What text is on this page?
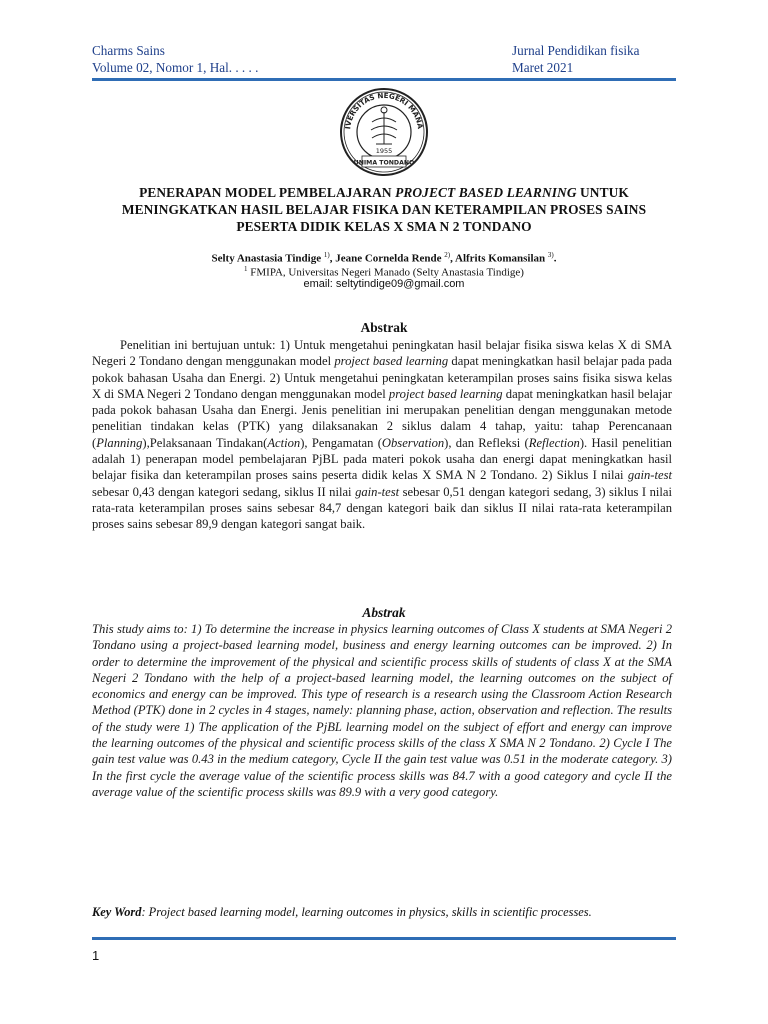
Charms Sains
Volume 02, Nomor 1, Hal. . . . .
Jurnal Pendidikan fisika
Maret 2021
IVERSITAS NEGERI MANA
1955
UNIMA TONDANO
PENERAPAN MODEL PEMBELAJARAN PROJECT BASED LEARNING UNTUK MENINGKATKAN HASIL BELAJAR FISIKA DAN KETERAMPILAN PROSES SAINS PESERTA DIDIK KELAS X SMA N 2 TONDANO
Selty Anastasia Tindige $^{1)}$, Jeane Cornelda Rende $^{2)}$, Alfrits Komansilan $^{3)}$.
$^1$ FMIPA, Universitas Negeri Manado (Selty Anastasia Tindige)
email: seltytindige09@gmail.com
Abstrak

Penelitian ini bertujuan untuk: 1) Untuk mengetahui peningkatan hasil belajar fisika siswa kelas X di SMA Negeri 2 Tondano dengan menggunakan model project based learning dapat meningkatkan hasil belajar pada pada pokok bahasan Usaha dan Energi. 2) Untuk mengetahui peningkatan keterampilan proses sains fisika siswa kelas X di SMA Negeri 2 Tondano dengan menggunakan model project based learning dapat meningkatkan hasil belajar pada pokok bahasan Usaha dan Energi. Jenis penelitian ini merupakan penelitian dengan menggunakan metode penelitian tindakan kelas (PTK) yang dilaksanakan 2 siklus dalam 4 tahap, yaitu: tahap Perencanaan (Planning),Pelaksanaan Tindakan(Action), Pengamatan (Observation), dan Refleksi (Reflection). Hasil penelitian adalah 1) penerapan model pembelajaran PjBL pada materi pokok usaha dan energi dapat meningkatkan hasil belajar fisika dan keterampilan proses sains peserta didik kelas X SMA N 2 Tondano. 2) Siklus I nilai gain-test sebesar 0,43 dengan kategori sedang, siklus II nilai gain-test sebesar 0,51 dengan kategori sedang, 3) siklus I nilai rata-rata keterampilan proses sains sebesar 84,7 dengan kategori baik dan siklus II nilai rata-rata keterampilan proses sains sebesar 89,9 dengan kategori sangat baik.

Abstrak

This study aims to: 1) To determine the increase in physics learning outcomes of Class X students at SMA Negeri 2 Tondano using a project-based learning model, business and energy learning outcomes can be improved. 2) In order to determine the improvement of the physical and scientific process skills of students of class X at the SMA Negeri 2 Tondano with the help of a project-based learning model, the learning outcomes on the subject of economics and energy can be improved. This type of research is a research using the Classroom Action Research Method (PTK) done in 2 cycles in 4 stages, namely: planning phase, action, observation and reflection. The results of the study were 1) The application of the PjBL learning model on the subject of effort and energy can improve the learning outcomes of the physical and scientific process skills of the class X SMA N 2 Tondano. 2) Cycle I The gain test value was 0.43 in the medium category, Cycle II the gain test value was 0.51 in the moderate category. 3) In the first cycle the average value of the scientific process skills was 84.7 with a good category and cycle II the average value of the scientific process skills was 89.9 with a very good category.

Key Word: Project based learning model, learning outcomes in physics, skills in scientific processes.
1
